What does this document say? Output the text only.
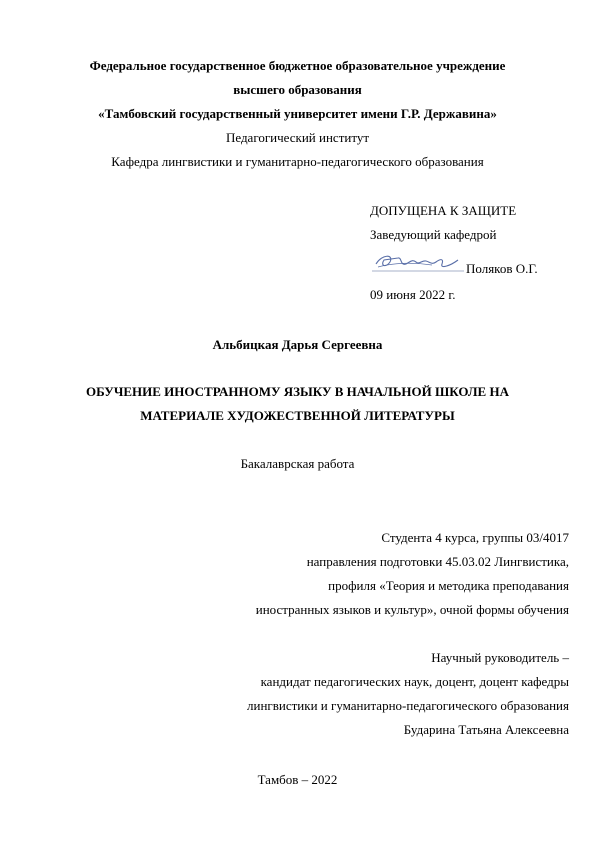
Федеральное государственное бюджетное образовательное учреждение
высшего образования
«Тамбовский государственный университет имени Г.Р. Державина»
Педагогический институт
Кафедра лингвистики и гуманитарно-педагогического образования
ДОПУЩЕНА К ЗАЩИТЕ
Заведующий кафедрой
Поляков О.Г.
09 июня 2022 г.
Альбицкая Дарья Сергеевна
ОБУЧЕНИЕ ИНОСТРАННОМУ ЯЗЫКУ В НАЧАЛЬНОЙ ШКОЛЕ НА
МАТЕРИАЛЕ ХУДОЖЕСТВЕННОЙ ЛИТЕРАТУРЫ
Бакалаврская работа
Студента 4 курса, группы 03/4017
направления подготовки 45.03.02 Лингвистика,
профиля «Теория и методика преподавания
иностранных языков и культур», очной формы обучения
Научный руководитель –
кандидат педагогических наук, доцент, доцент кафедры
лингвистики и гуманитарно-педагогического образования
Бударина Татьяна Алексеевна
Тамбов – 2022
